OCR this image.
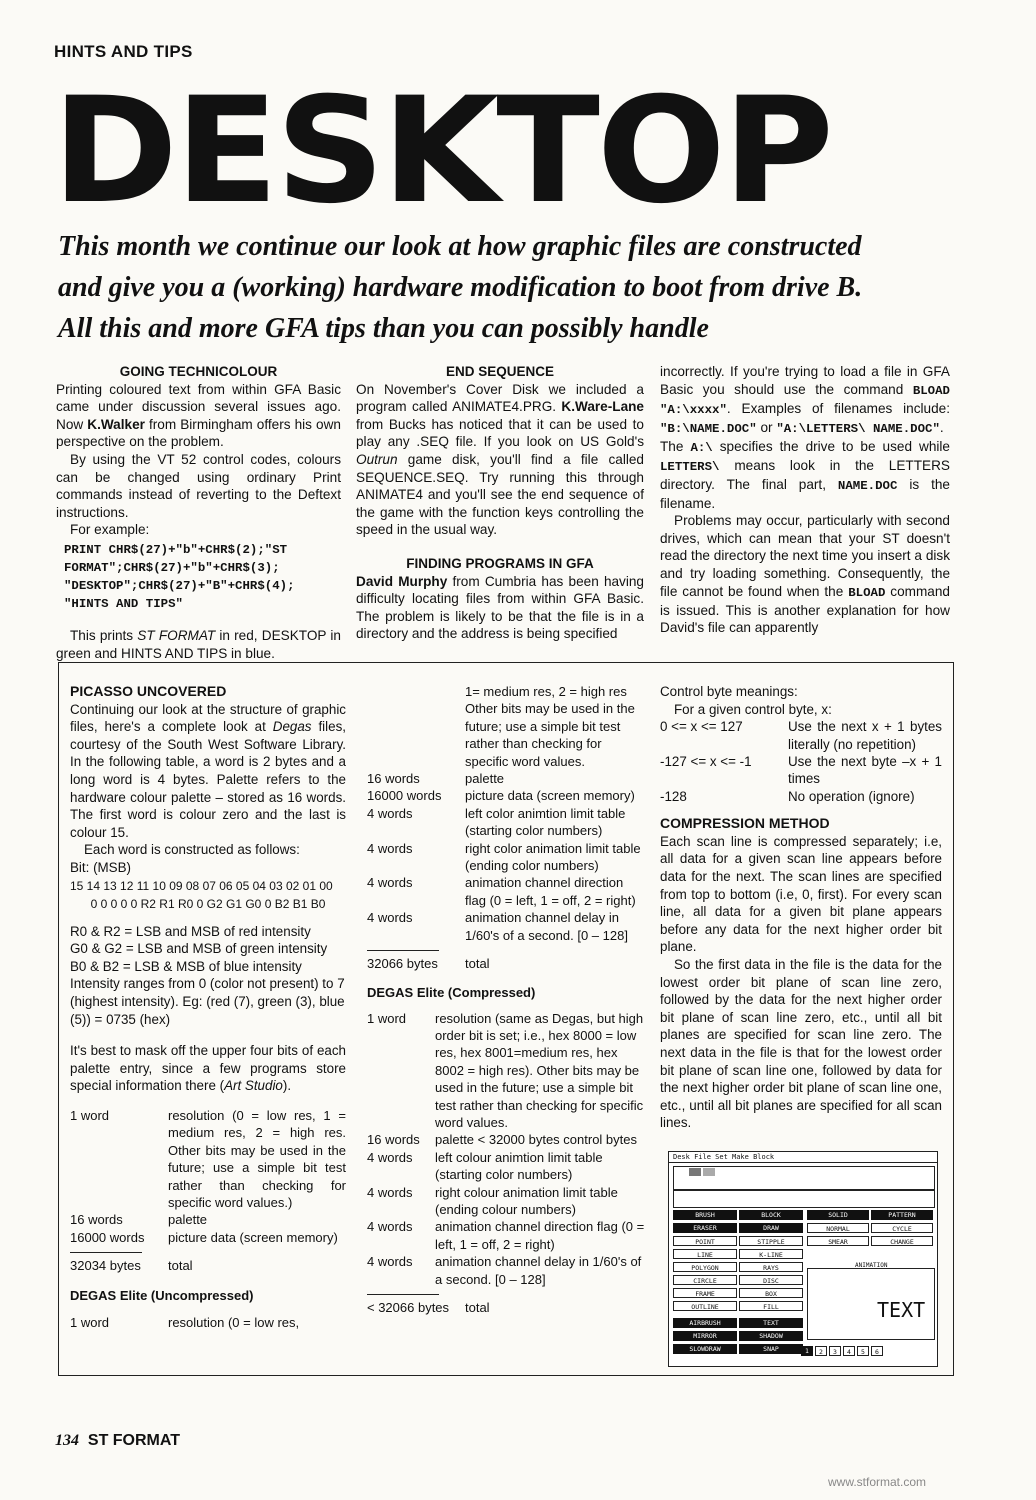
HINTS AND TIPS
DESKTOP
This month we continue our look at how graphic files are constructed
and give you a (working) hardware modification to boot from drive B.
All this and more GFA tips than you can possibly handle

GOING TECHNICOLOUR

Printing coloured text from within GFA Basic came under discussion several issues ago. Now K.Walker from Birmingham offers his own perspective on the problem.

By using the VT 52 control codes, colours can be changed using ordinary Print commands instead of reverting to the Deftext instructions.

For example:

PRINT CHR$(27)+"b"+CHR$(2);"ST
FORMAT";CHR$(27)+"b"+CHR$(3);
"DESKTOP";CHR$(27)+"B"+CHR$(4);
"HINTS AND TIPS"

This prints ST FORMAT in red, DESKTOP in green and HINTS AND TIPS in blue.

END SEQUENCE

On November's Cover Disk we included a program called ANIMATE4.PRG. K.Ware-Lane from Bucks has noticed that it can be used to play any .SEQ file. If you look on US Gold's Outrun game disk, you'll find a file called SEQUENCE.SEQ. Try running this through ANIMATE4 and you'll see the end sequence of the game with the function keys controlling the speed in the usual way.

FINDING PROGRAMS IN GFA

David Murphy from Cumbria has been having difficulty locating files from within GFA Basic. The problem is likely to be that the file is in a directory and the address is being specified

incorrectly. If you're trying to load a file in GFA Basic you should use the command BLOAD "A:\xxxx". Examples of filenames include: "B:\NAME.DOC" or "A:\LETTERS\ NAME.DOC".

The A:\ specifies the drive to be used while LETTERS\ means look in the LETTERS directory. The final part, NAME.DOC is the filename.

Problems may occur, particularly with second drives, which can mean that your ST doesn't read the directory the next time you insert a disk and try loading something. Consequently, the file cannot be found when the BLOAD command is issued. This is another explanation for how David's file can apparently

PICASSO UNCOVERED

Continuing our look at the structure of graphic files, here's a complete look at Degas files, courtesy of the South West Software Library. In the following table, a word is 2 bytes and a long word is 4 bytes. Palette refers to the hardware colour palette – stored as 16 words. The first word is colour zero and the last is colour 15.

Each word is constructed as follows:

Bit: (MSB)

15 14 13 12 11 10 09 08 07 06 05 04 03 02 01 00

0 0 0 0 0 R2 R1 R0 0 G2 G1 G0 0 B2 B1 B0

R0 & R2 = LSB and MSB of red intensity

G0 & G2 = LSB and MSB of green intensity

B0 & B2 = LSB & MSB of blue intensity

Intensity ranges from 0 (color not present) to 7 (highest intensity). Eg: (red (7), green (3), blue (5)) = 0735 (hex)

It's best to mask off the upper four bits of each palette entry, since a few programs store special information there (Art Studio).

1 word	resolution (0 = low res, 1 = medium res, 2 = high res. Other bits may be used in the future; use a simple bit test rather than checking for specific word values.)
16 words	palette
16000 words	picture data (screen memory)
32034 bytes	total

DEGAS Elite (Uncompressed)

1 word	resolution (0 = low res,
1= medium res, 2 = high res Other bits may be used in the future; use a simple bit test rather than checking for specific word values.
16 words	palette
16000 words	picture data (screen memory)
4 words	left color animtion limit table (starting color numbers)
4 words	right color animation limit table (ending color numbers)
4 words	animation channel direction flag (0 = left, 1 = off, 2 = right)
4 words	animation channel delay in 1/60's of a second. [0 – 128]
32066 bytes	total

DEGAS Elite (Compressed)

1 word	resolution (same as Degas, but high order bit is set; i.e., hex 8000 = low res, hex 8001=medium res, hex 8002 = high res). Other bits may be used in the future; use a simple bit test rather than checking for specific word values.
16 words	palette < 32000 bytes control bytes
4 words	left colour animtion limit table (starting color numbers)
4 words	right colour animation limit table (ending colour numbers)
4 words	animation channel direction flag (0 = left, 1 = off, 2 = right)
4 words	animation channel delay in 1/60's of a second. [0 – 128]
< 32066 bytes	total

Control byte meanings:

For a given control byte, x:

0 <= x <= 127	Use the next x + 1 bytes literally (no repetition)
-127 <= x <= -1	Use the next byte –x + 1 times
-128	No operation (ignore)

COMPRESSION METHOD

Each scan line is compressed separately; i.e, all data for a given scan line appears before data for the next. The scan lines are specified from top to bottom (i.e, 0, first). For every scan line, all data for a given bit plane appears before any data for the next higher order bit plane.

So the first data in the file is the data for the lowest order bit plane of scan line zero, followed by the data for the next higher order bit plane of scan line zero, etc., until all bit planes are specified for scan line zero. The next data in the file is that for the lowest order bit plane of scan line one, followed by data for the next higher order bit plane of scan line one, etc., until all bit planes are specified for all scan lines.

Desk File Set Make Block
BRUSH
ERASER
POINT
LINE
POLYGON
CIRCLE
FRAME
OUTLINE
AIRBRUSH
MIRROR
SLOWDRAW
BLOCK
DRAW
STIPPLE
K-LINE
RAYS
DISC
BOX
FILL
TEXT
SHADOW
SNAP
SOLID	PATTERN
NORMAL	CYCLE
SMEAR	CHANGE
1	2	3	4	5	6
TEXT
ANIMATION
134 ST FORMAT
www.stformat.com
